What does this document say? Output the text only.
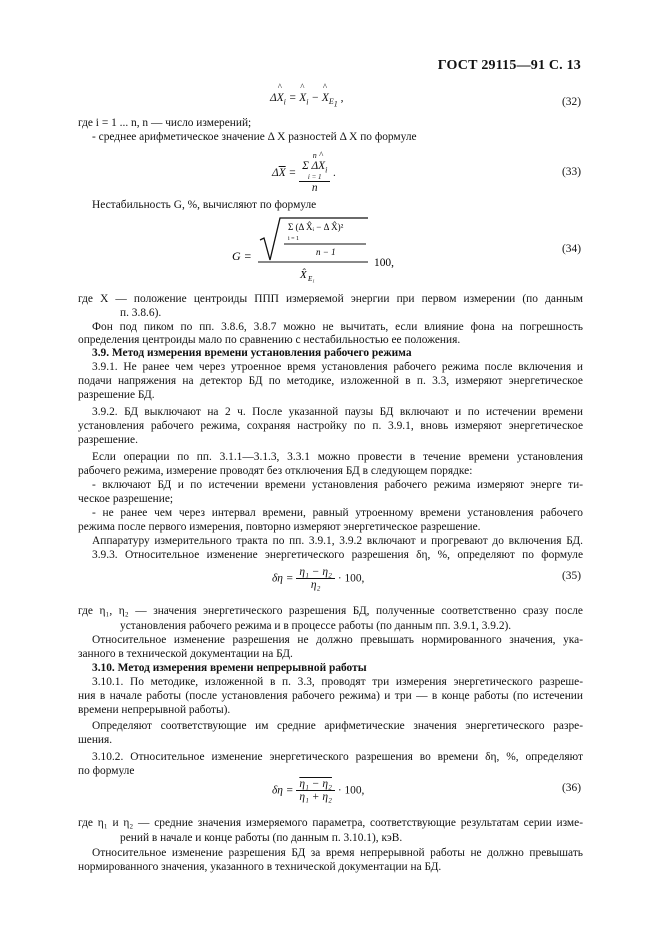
ГОСТ 29115—91 С. 13
Δ^ $X_i$ = ^ $X_i$ − ^ $X_{E_1}$ ,	(32)
где i = 1 ... n, n — число измерений;
- среднее арифметическое значение Δ X разностей Δ X по формуле
$\Delta\overline{X} = n$
Σ Δ^ $X_i$
i = 1
n .	(33)
Нестабильность G, %, вычисляют по формуле
G =
Σ (Δ X̂ᵢ − Δ X̂)²
i = 1
n − 1
X̂ E₁
100,
(34)
где X — положение центроиды ППП измеряемой энергии при первом измерении (по данным
п. 3.8.6).
Фон под пиком по пп. 3.8.6, 3.8.7 можно не вычитать, если влияние фона на погрешность
определения центроиды мало по сравнению с нестабильностью ее положения.
3.9. Метод измерения времени установления рабочего режима
3.9.1. Не ранее чем через утроенное время установления рабочего режима после включения и
подачи напряжения на детектор БД по методике, изложенной в п. 3.3, измеряют энергетическое
разрешение БД.
3.9.2. БД выключают на 2 ч. После указанной паузы БД включают и по истечении времени
установления рабочего режима, сохраняя настройку по п. 3.9.1, вновь измеряют энергетическое
разрешение.
Если операции по пп. 3.1.1—3.1.3, 3.3.1 можно провести в течение времени установления
рабочего режима, измерение проводят без отключения БД в следующем порядке:
- включают БД и по истечении времени установления рабочего режима измеряют энерге ти-
ческое разрешение;
- не ранее чем через интервал времени, равный утроенному времени установления рабочего
режима после первого измерения, повторно измеряют энергетическое разрешение.
Аппаратуру измерительного тракта по пп. 3.9.1, 3.9.2 включают и прогревают до включения БД.
3.9.3. Относительное изменение энергетического разрешения δη, %, определяют по формуле
$\delta\eta = \frac{\text{η₁ − η₂}}{\text{η₂}} \cdot 100$,	(35)
где η₁, η₂ — значения энергетического разрешения БД, полученные соответственно сразу после
установления рабочего режима и в процессе работы (по данным пп. 3.9.1, 3.9.2).
Относительное изменение разрешения не должно превышать нормированного значения, ука-
занного в технической документации на БД.
3.10. Метод измерения времени непрерывной работы
3.10.1. По методике, изложенной в п. 3.3, проводят три измерения энергетического разреше-
ния в начале работы (после установления рабочего режима) и три — в конце работы (по истечении
времени непрерывной работы).
Определяют соответствующие им средние арифметические значения энергетического разре-
шения.
3.10.2. Относительное изменение энергетического разрешения во времени δη, %, определяют
по формуле
$\delta\eta = \frac{\text{η₁ − η₂}}{\text{η₁ + η₂}} \cdot 100$,	(36)
где η₁ и η₂ — средние значения измеряемого параметра, соответствующие результатам серии изме-
рений в начале и конце работы (по данным п. 3.10.1), кэВ.
Относительное изменение разрешения БД за время непрерывной работы не должно превышать
нормированного значения, указанного в технической документации на БД.
